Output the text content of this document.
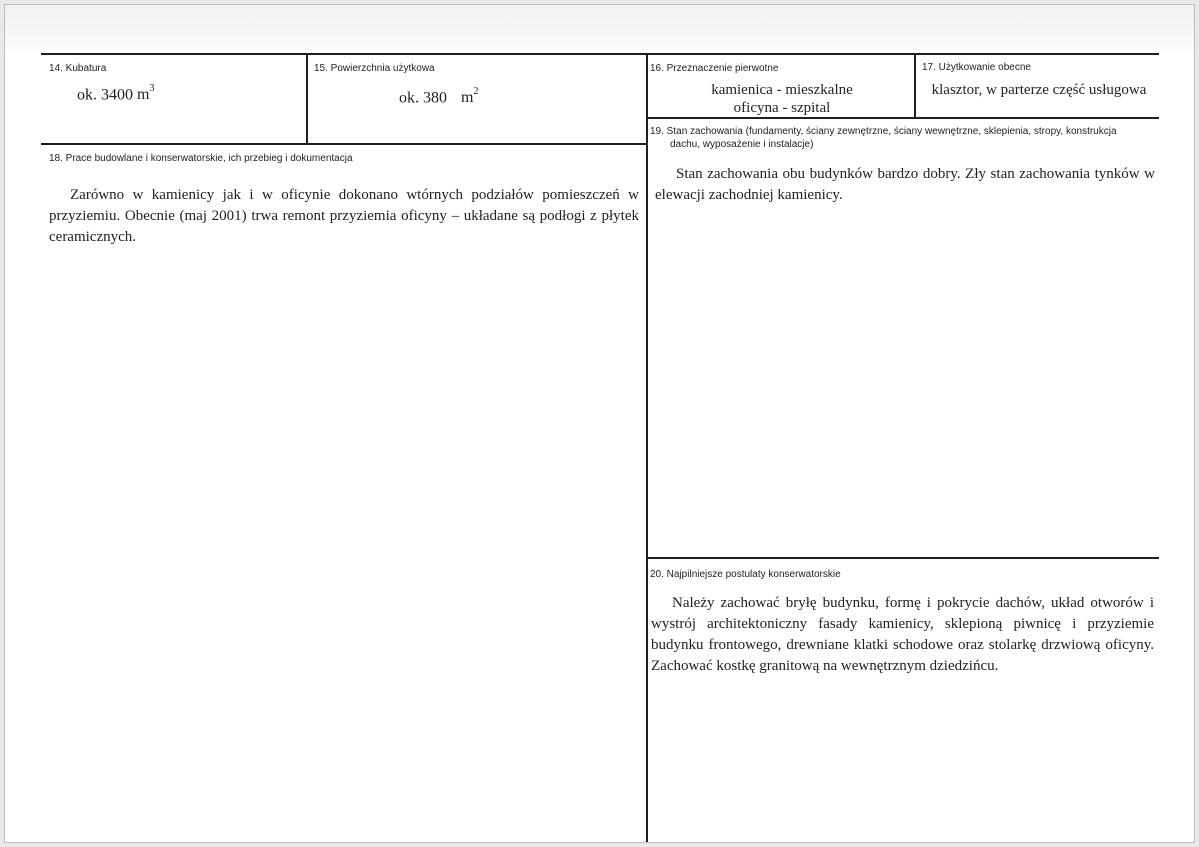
14. Kubatura
ok. 3400 $m^3$
15. Powierzchnia użytkowa
ok. 380 $m^2$
16. Przeznaczenie pierwotne
kamienica - mieszkalne
oficyna - szpital
17. Użytkowanie obecne
klasztor, w parterze część usługowa
18. Prace budowlane i konserwatorskie, ich przebieg i dokumentacja
Zarówno w kamienicy jak i w oficynie dokonano wtórnych podziałów pomieszczeń w przyziemiu. Obecnie (maj 2001) trwa remont przyziemia oficyny – układane są podłogi z płytek ceramicznych.
19. Stan zachowania (fundamenty, ściany zewnętrzne, ściany wewnętrzne, sklepienia, stropy, konstrukcja
dachu, wyposażenie i instalacje)
Stan zachowania obu budynków bardzo dobry. Zły stan zachowania tynków w elewacji zachodniej kamienicy.
20. Najpilniejsze postulaty konserwatorskie
Należy zachować bryłę budynku, formę i pokrycie dachów, układ otworów i wystrój architektoniczny fasady kamienicy, sklepioną piwnicę i przyziemie budynku frontowego, drewniane klatki schodowe oraz stolarkę drzwiową oficyny. Zachować kostkę granitową na wewnętrznym dziedzińcu.
